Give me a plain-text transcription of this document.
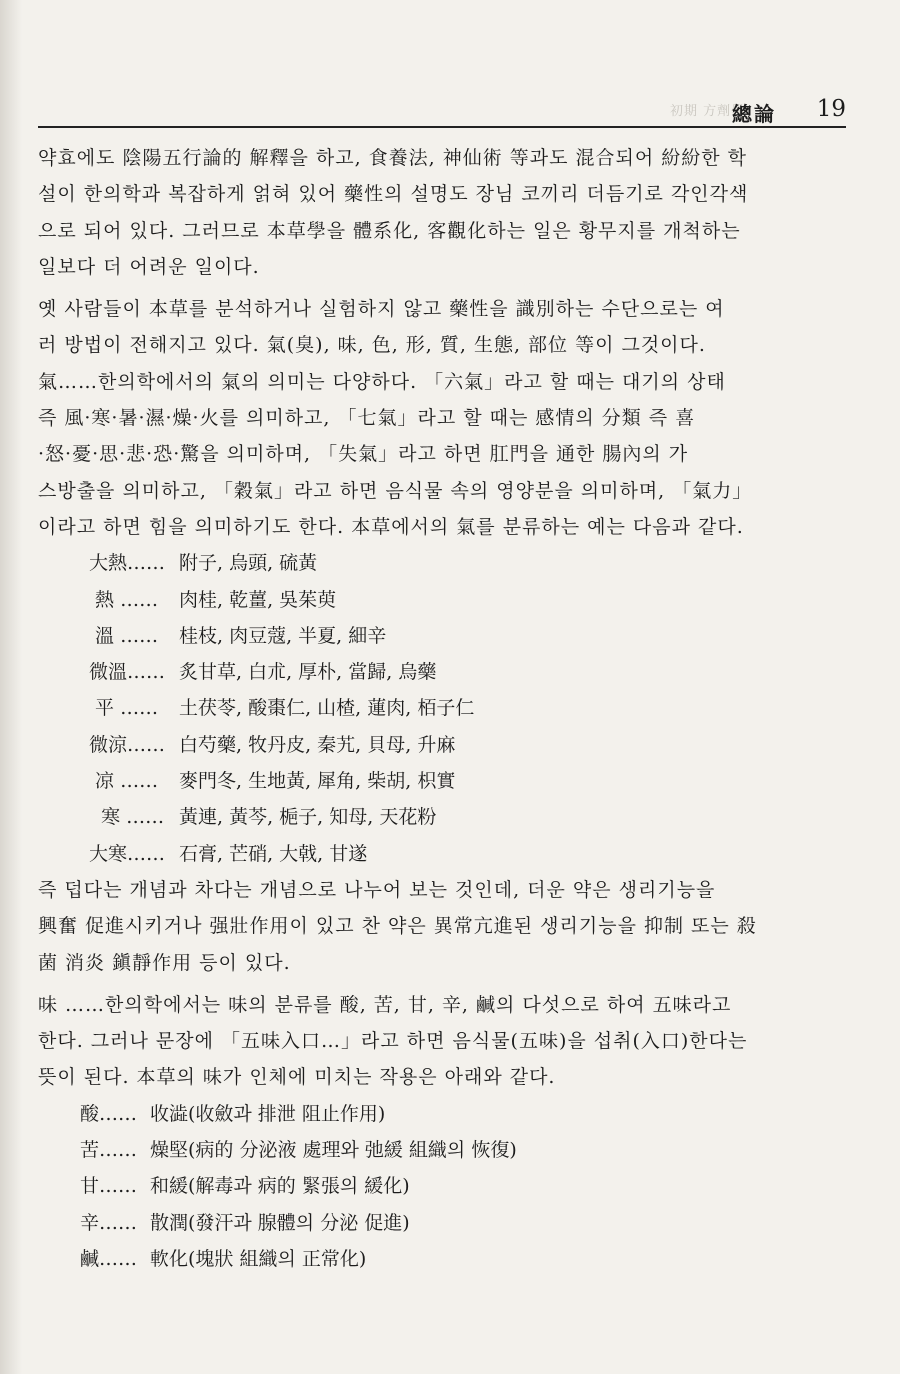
初期 方劑學
總論 19

약효에도 陰陽五行論的 解釋을 하고, 食養法, 神仙術 等과도 混合되어 紛紛한 학

설이 한의학과 복잡하게 얽혀 있어 藥性의 설명도 장님 코끼리 더듬기로 각인각색

으로 되어 있다. 그러므로 本草學을 體系化, 客觀化하는 일은 황무지를 개척하는

일보다 더 어려운 일이다.

옛 사람들이 本草를 분석하거나 실험하지 않고 藥性을 識別하는 수단으로는 여

러 방법이 전해지고 있다. 氣(臭), 味, 色, 形, 質, 生態, 部位 等이 그것이다.

氣……한의학에서의 氣의 의미는 다양하다. 「六氣」라고 할 때는 대기의 상태

즉 風·寒·暑·濕·燥·火를 의미하고, 「七氣」라고 할 때는 感情의 分類 즉 喜

·怒·憂·思·悲·恐·驚을 의미하며, 「失氣」라고 하면 肛門을 通한 腸內의 가

스방출을 의미하고, 「穀氣」라고 하면 음식물 속의 영양분을 의미하며, 「氣力」

이라고 하면 힘을 의미하기도 한다. 本草에서의 氣를 분류하는 예는 다음과 같다.

大熱…… 附子, 烏頭, 硫黃
熱 ……	肉桂, 乾薑, 吳茱萸
溫 ……	桂枝, 肉豆蔻, 半夏, 細辛
微溫…… 炙甘草, 白朮, 厚朴, 當歸, 烏藥
平 ……	土茯苓, 酸棗仁, 山楂, 蓮肉, 栢子仁
微涼…… 白芍藥, 牧丹皮, 秦艽, 貝母, 升麻
凉 ……	麥門冬, 生地黃, 犀角, 柴胡, 枳實
寒 …… 黃連, 黃芩, 梔子, 知母, 天花粉
大寒…… 石膏, 芒硝, 大戟, 甘遂

즉 덥다는 개념과 차다는 개념으로 나누어 보는 것인데, 더운 약은 생리기능을

興奮 促進시키거나 强壯作用이 있고 찬 약은 異常亢進된 생리기능을 抑制 또는 殺

菌 消炎 鎭靜作用 등이 있다.

味 ……한의학에서는 味의 분류를 酸, 苦, 甘, 辛, 鹹의 다섯으로 하여 五味라고

한다. 그러나 문장에 「五味入口…」라고 하면 음식물(五味)을 섭취(入口)한다는

뜻이 된다. 本草의 味가 인체에 미치는 작용은 아래와 같다.

酸…… 收澁(收斂과 排泄 阻止作用)
苦…… 燥堅(病的 分泌液 處理와 弛緩 組織의 恢復)
甘…… 和緩(解毒과 病的 緊張의 緩化)
辛…… 散潤(發汗과 腺體의 分泌 促進)
鹹…… 軟化(塊狀 組織의 正常化)
